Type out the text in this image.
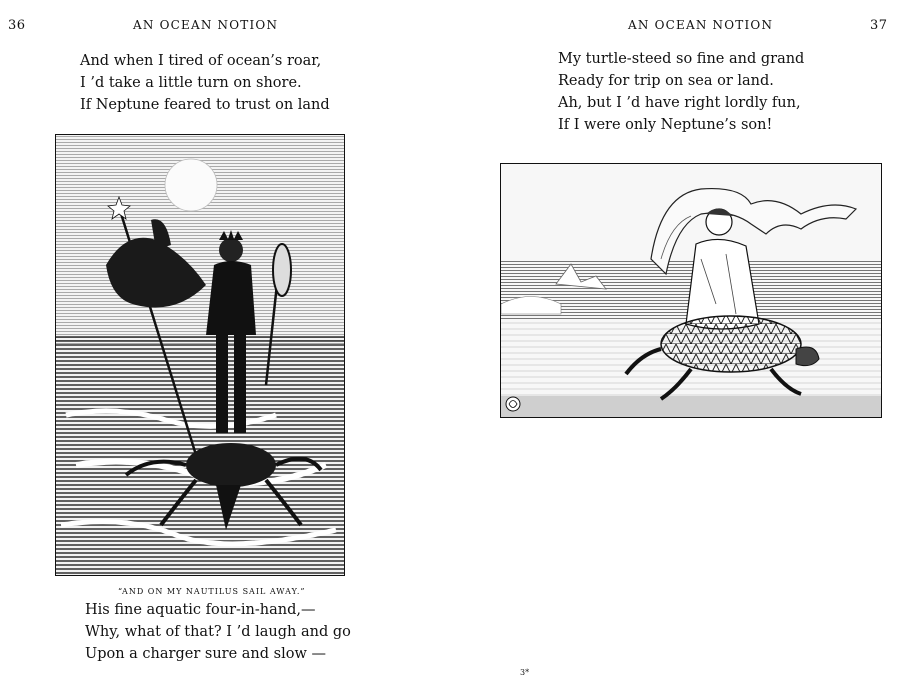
36	AN OCEAN NOTION
And when I tired of ocean’s roar,
I ’d take a little turn on shore.
If Neptune feared to trust on land
“AND ON MY NAUTILUS SAIL AWAY.”
His fine aquatic four-in-hand,—
Why, what of that? I ’d laugh and go
Upon a charger sure and slow —
AN OCEAN NOTION	37
My turtle-steed so fine and grand
Ready for trip on sea or land.
Ah, but I ’d have right lordly fun,
If I were only Neptune’s son!
3*
